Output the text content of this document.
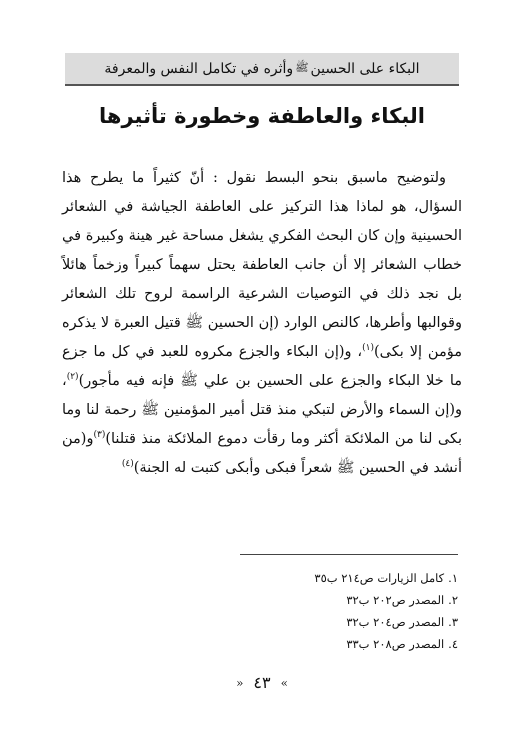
البكاء على الحسين
ﷺ
وأثره في تكامل النفس والمعرفة
البكاء والعاطفة وخطورة تأثيرها

ولتوضيح ماسبق بنحو البسط نقول : أنّ كثيراً ما يطرح هذا السؤال، هو لماذا هذا التركيز على العاطفة الجياشة في الشعائر الحسينية وإن كان البحث الفكري يشغل مساحة غير هينة وكبيرة في خطاب الشعائر إلا أن جانب العاطفة يحتل سهماً كبيراً وزخماً هائلاً بل نجد ذلك في التوصيات الشرعية الراسمة لروح تلك الشعائر وقوالبها وأطرها، كالنص الوارد (إن الحسين ﷺ قتيل العبرة لا يذكره مؤمن إلا بكى)$^{(١)}$، و(إن البكاء والجزع مكروه للعبد في كل ما جزع ما خلا البكاء والجزع على الحسين بن علي ﷺ فإنه فيه مأجور)$^{(٢)}$، و(إن السماء والأرض لتبكي منذ قتل أمير المؤمنين ﷺ رحمة لنا وما بكى لنا من الملائكة أكثر وما رقأت دموع الملائكة منذ قتلنا)$^{(٣)}$و(من أنشد في الحسين ﷺ شعراً فبكى وأبكى كتبت له الجنة)$^{(٤)}$

١.
كامل الزيارات ص٢١٤ ب٣٥
٢.
المصدر ص٢٠٢ ب٣٢
٣.
المصدر ص٢٠٤ ب٣٢
٤.
المصدر ص٢٠٨ ب٣٣
»
٤٣
«
